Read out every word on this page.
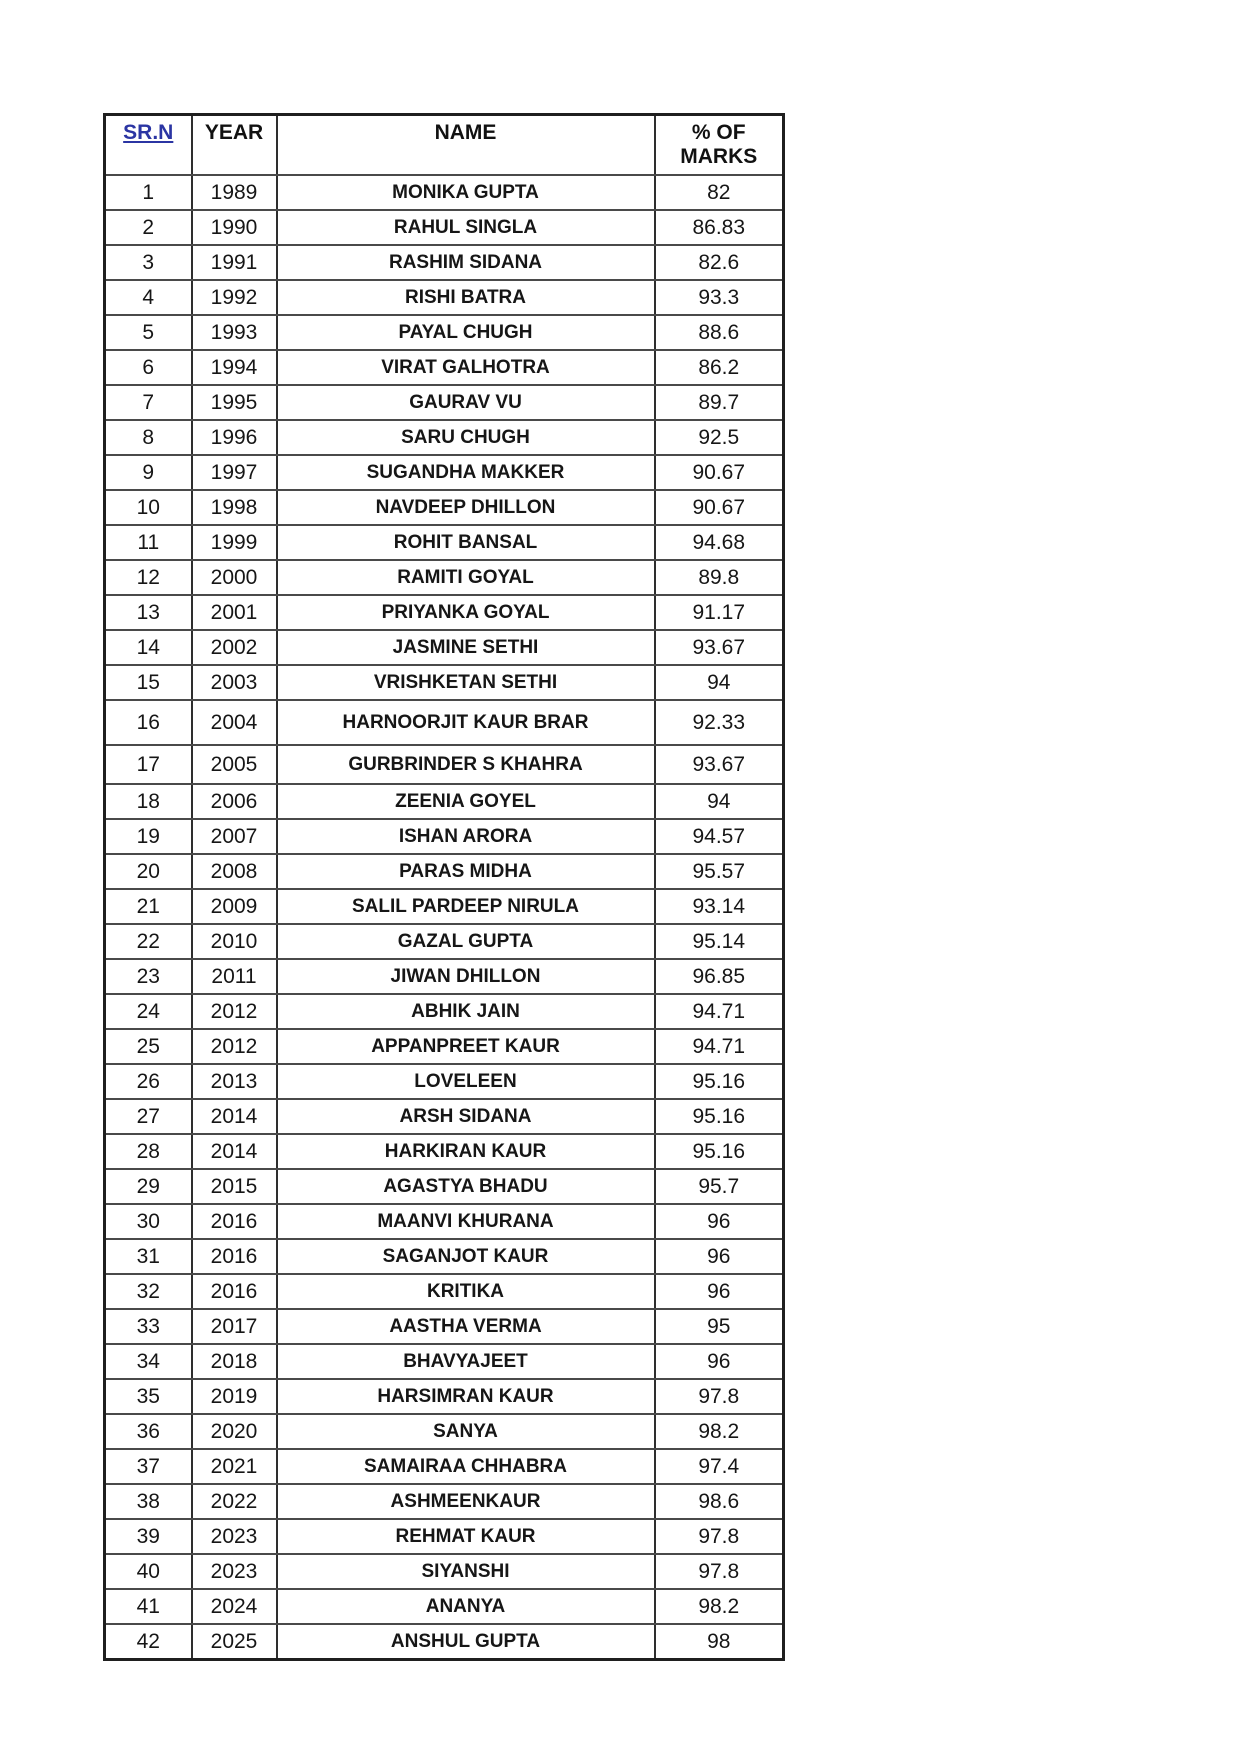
SR.N	YEAR	NAME	% OF MARKS
1	1989	MONIKA GUPTA	82
2	1990	RAHUL SINGLA	86.83
3	1991	RASHIM SIDANA	82.6
4	1992	RISHI BATRA	93.3
5	1993	PAYAL CHUGH	88.6
6	1994	VIRAT GALHOTRA	86.2
7	1995	GAURAV VU	89.7
8	1996	SARU CHUGH	92.5
9	1997	SUGANDHA MAKKER	90.67
10	1998	NAVDEEP DHILLON	90.67
11	1999	ROHIT BANSAL	94.68
12	2000	RAMITI GOYAL	89.8
13	2001	PRIYANKA GOYAL	91.17
14	2002	JASMINE SETHI	93.67
15	2003	VRISHKETAN SETHI	94
16	2004	HARNOORJIT KAUR BRAR	92.33
17	2005	GURBRINDER S KHAHRA	93.67
18	2006	ZEENIA GOYEL	94
19	2007	ISHAN ARORA	94.57
20	2008	PARAS MIDHA	95.57
21	2009	SALIL PARDEEP NIRULA	93.14
22	2010	GAZAL GUPTA	95.14
23	2011	JIWAN DHILLON	96.85
24	2012	ABHIK JAIN	94.71
25	2012	APPANPREET KAUR	94.71
26	2013	LOVELEEN	95.16
27	2014	ARSH SIDANA	95.16
28	2014	HARKIRAN KAUR	95.16
29	2015	AGASTYA BHADU	95.7
30	2016	MAANVI KHURANA	96
31	2016	SAGANJOT KAUR	96
32	2016	KRITIKA	96
33	2017	AASTHA VERMA	95
34	2018	BHAVYAJEET	96
35	2019	HARSIMRAN KAUR	97.8
36	2020	SANYA	98.2
37	2021	SAMAIRAA CHHABRA	97.4
38	2022	ASHMEENKAUR	98.6
39	2023	REHMAT KAUR	97.8
40	2023	SIYANSHI	97.8
41	2024	ANANYA	98.2
42	2025	ANSHUL GUPTA	98
